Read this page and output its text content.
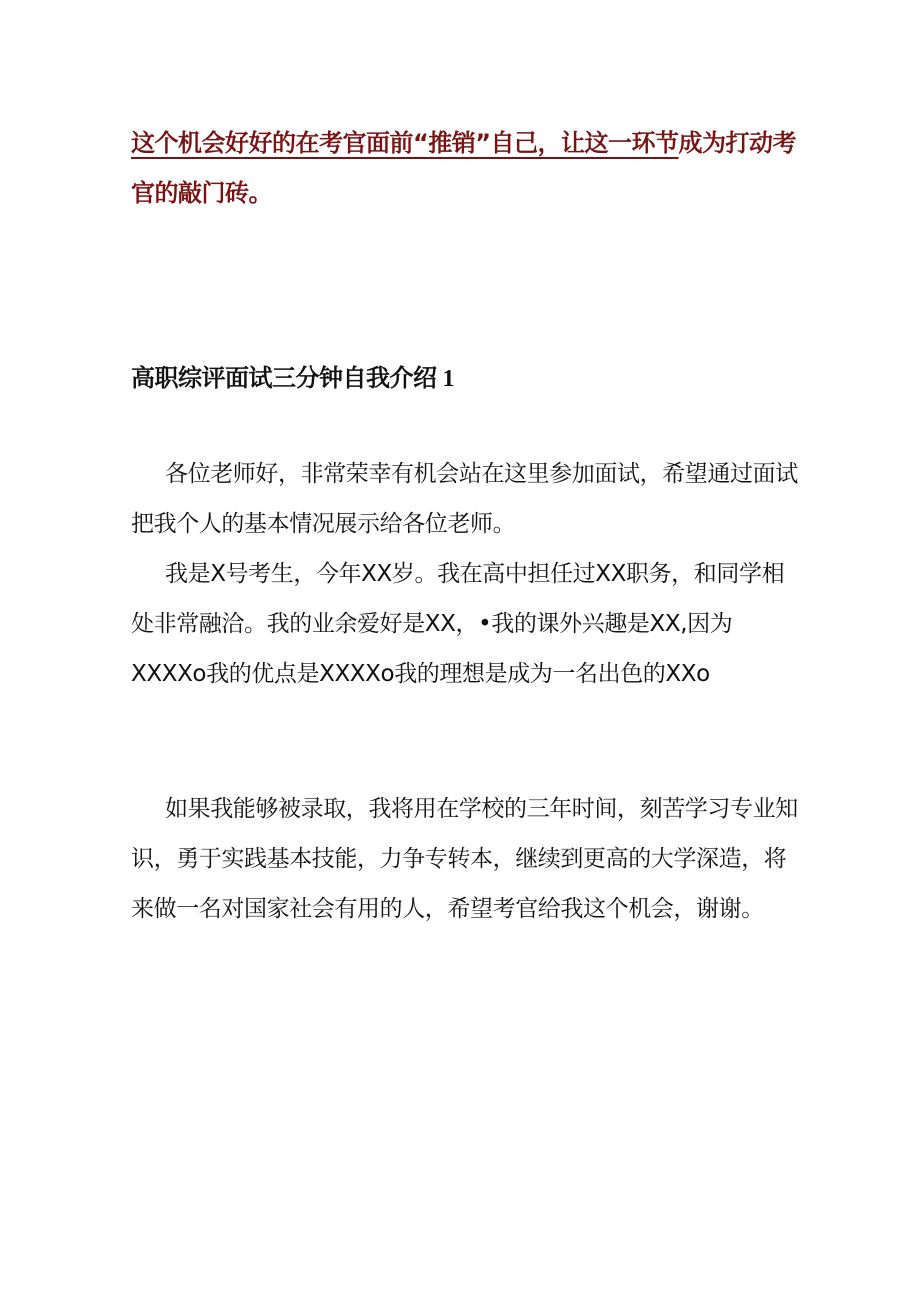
这个机会好好的在考官面前“推销”自己，让这一环节成为打动考官的敲门砖。
高职综评面试三分钟自我介绍 1
各位老师好，非常荣幸有机会站在这里参加面试，希望通过面试把我个人的基本情况展示给各位老师。
我是X号考生，今年XX岁。我在高中担任过XX职务，和同学相处非常融洽。我的业余爱好是XX，•我的课外兴趣是XX,因为XXXXo我的优点是XXXXo我的理想是成为一名出色的XXo
如果我能够被录取，我将用在学校的三年时间，刻苦学习专业知识，勇于实践基本技能，力争专转本，继续到更高的大学深造，将来做一名对国家社会有用的人，希望考官给我这个机会，谢谢。
